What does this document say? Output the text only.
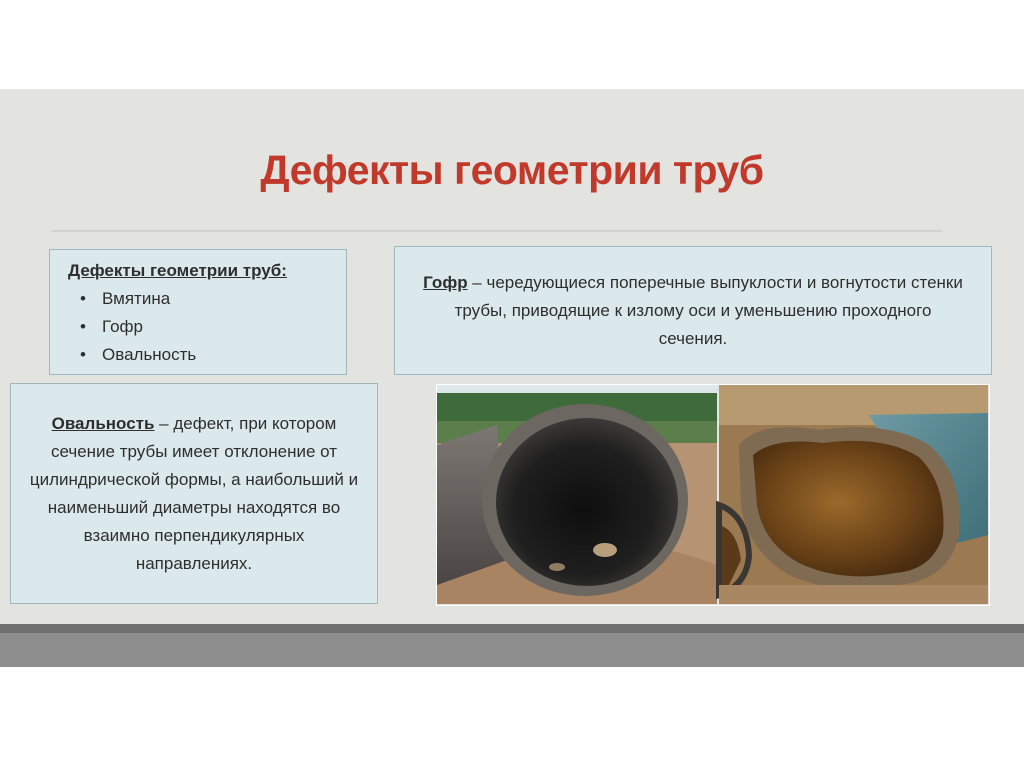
Дефекты геометрии труб
Дефекты геометрии труб:
• Вмятина
• Гофр
• Овальность
Гофр – чередующиеся поперечные выпуклости и вогнутости стенки трубы, приводящие к излому оси и уменьшению проходного сечения.
Овальность – дефект, при котором сечение трубы имеет отклонение от цилиндрической формы, а наибольший и наименьший диаметры находятся во взаимно перпендикулярных направлениях.
